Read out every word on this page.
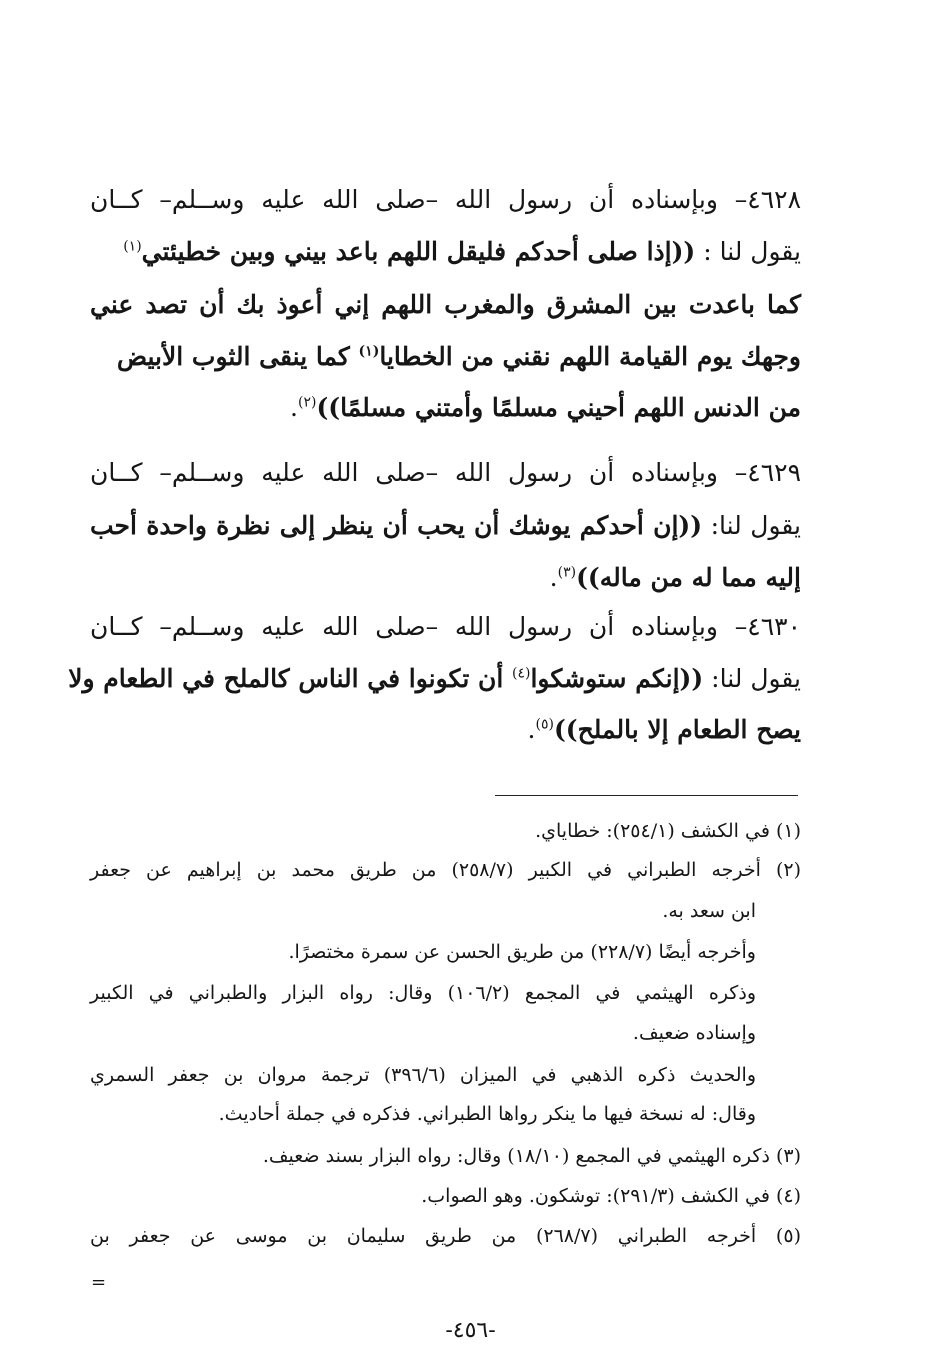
٤٦٢٨– وبإسناده أن رسول الله –صلى الله عليه وســلم– كــان
يقول لنا : ((إذا صلى أحدكم فليقل اللهم باعد بيني وبين خطيئتي$^{(١)}$
كما باعدت بين المشرق والمغرب اللهم إني أعوذ بك أن تصد عني
وجهك يوم القيامة اللهم نقني من الخطايا$^{(١)}$ كما ينقى الثوب الأبيض
من الدنس اللهم أحيني مسلمًا وأمتني مسلمًا))$^{(٢)}$.
٤٦٢٩– وبإسناده أن رسول الله –صلى الله عليه وســلم– كــان
يقول لنا: ((إن أحدكم يوشك أن يحب أن ينظر إلى نظرة واحدة أحب
إليه مما له من ماله))$^{(٣)}$.
٤٦٣٠– وبإسناده أن رسول الله –صلى الله عليه وســلم– كــان
يقول لنا: ((إنكم ستوشكوا$^{(٤)}$ أن تكونوا في الناس كالملح في الطعام ولا
يصح الطعام إلا بالملح))$^{(٥)}$.
(١) في الكشف (٢٥٤/١): خطاياي.
(٢) أخرجه الطبراني في الكبير (٢٥٨/٧) من طريق محمد بن إبراهيم عن جعفر
ابن سعد به.
وأخرجه أيضًا (٢٢٨/٧) من طريق الحسن عن سمرة مختصرًا.
وذكره الهيثمي في المجمع (١٠٦/٢) وقال: رواه البزار والطبراني في الكبير
وإسناده ضعيف.
والحديث ذكره الذهبي في الميزان (٣٩٦/٦) ترجمة مروان بن جعفر السمري
وقال: له نسخة فيها ما ينكر رواها الطبراني. فذكره في جملة أحاديث.
(٣) ذكره الهيثمي في المجمع (١٨/١٠) وقال: رواه البزار بسند ضعيف.
(٤) في الكشف (٢٩١/٣): توشكون. وهو الصواب.
(٥) أخرجه الطبراني (٢٦٨/٧) من طريق سليمان بن موسى عن جعفر بن
=
-٤٥٦-
